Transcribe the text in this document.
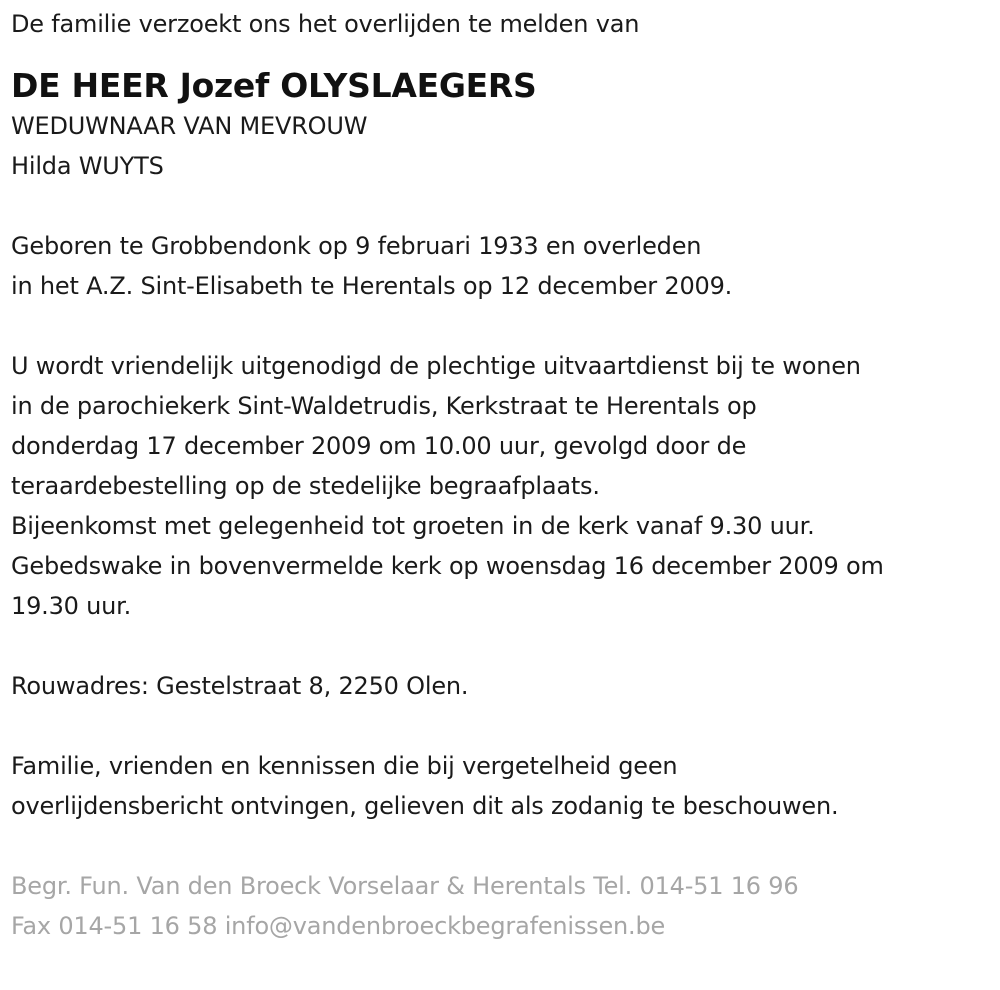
De familie verzoekt ons het overlijden te melden van
DE HEER Jozef OLYSLAEGERS
WEDUWNAAR VAN MEVROUW
Hilda WUYTS
Geboren te Grobbendonk op 9 februari 1933 en overleden
in het A.Z. Sint-Elisabeth te Herentals op 12 december 2009.
U wordt vriendelijk uitgenodigd de plechtige uitvaartdienst bij te wonen
in de parochiekerk Sint-Waldetrudis, Kerkstraat te Herentals op
donderdag 17 december 2009 om 10.00 uur, gevolgd door de
teraardebestelling op de stedelijke begraafplaats.
Bijeenkomst met gelegenheid tot groeten in de kerk vanaf 9.30 uur.
Gebedswake in bovenvermelde kerk op woensdag 16 december 2009 om
19.30 uur.
Rouwadres: Gestelstraat 8, 2250 Olen.
Familie, vrienden en kennissen die bij vergetelheid geen
overlijdensbericht ontvingen, gelieven dit als zodanig te beschouwen.
Begr. Fun. Van den Broeck Vorselaar & Herentals Tel. 014-51 16 96
Fax 014-51 16 58 info@vandenbroeckbegrafenissen.be
